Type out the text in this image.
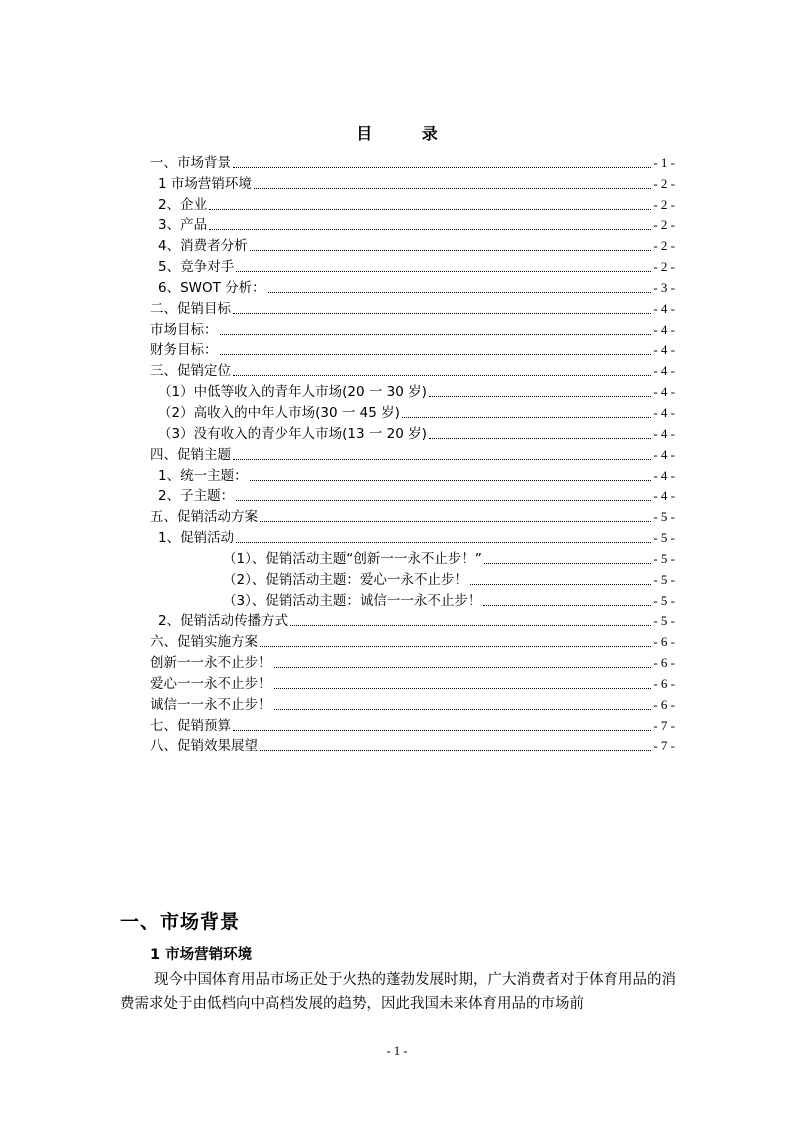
目 录
一、市场背景	- 1 -
1 市场营销环境	- 2 -
2、企业	- 2 -
3、产品	- 2 -
4、消费者分析	- 2 -
5、竞争对手	- 2 -
6、SWOT 分析：	- 3 -
二、促销目标	- 4 -
市场目标：	- 4 -
财务目标：	- 4 -
三、促销定位	- 4 -
（1）中低等收入的青年人市场(20 一 30 岁)	- 4 -
（2）高收入的中年人市场(30 一 45 岁)	- 4 -
（3）没有收入的青少年人市场(13 一 20 岁)	- 4 -
四、促销主题	- 4 -
1、统一主题：	- 4 -
2、子主题：	- 4 -
五、促销活动方案	- 5 -
1、促销活动	- 5 -
（1）、促销活动主题“创新一一永不止步！”	- 5 -
（2）、促销活动主题：爱心一永不止步！	- 5 -
（3）、促销活动主题：诚信一一永不止步！	- 5 -
2、促销活动传播方式	- 5 -
六、促销实施方案	- 6 -
创新一一永不止步！	- 6 -
爱心一一永不止步！	- 6 -
诚信一一永不止步！	- 6 -
七、促销预算	- 7 -
八、促销效果展望	- 7 -
一、市场背景
1 市场营销环境
现今中国体育用品市场正处于火热的蓬勃发展时期，广大消费者对于体育用品的消费需求处于由低档向中高档发展的趋势，因此我国未来体育用品的市场前
- 1 -
